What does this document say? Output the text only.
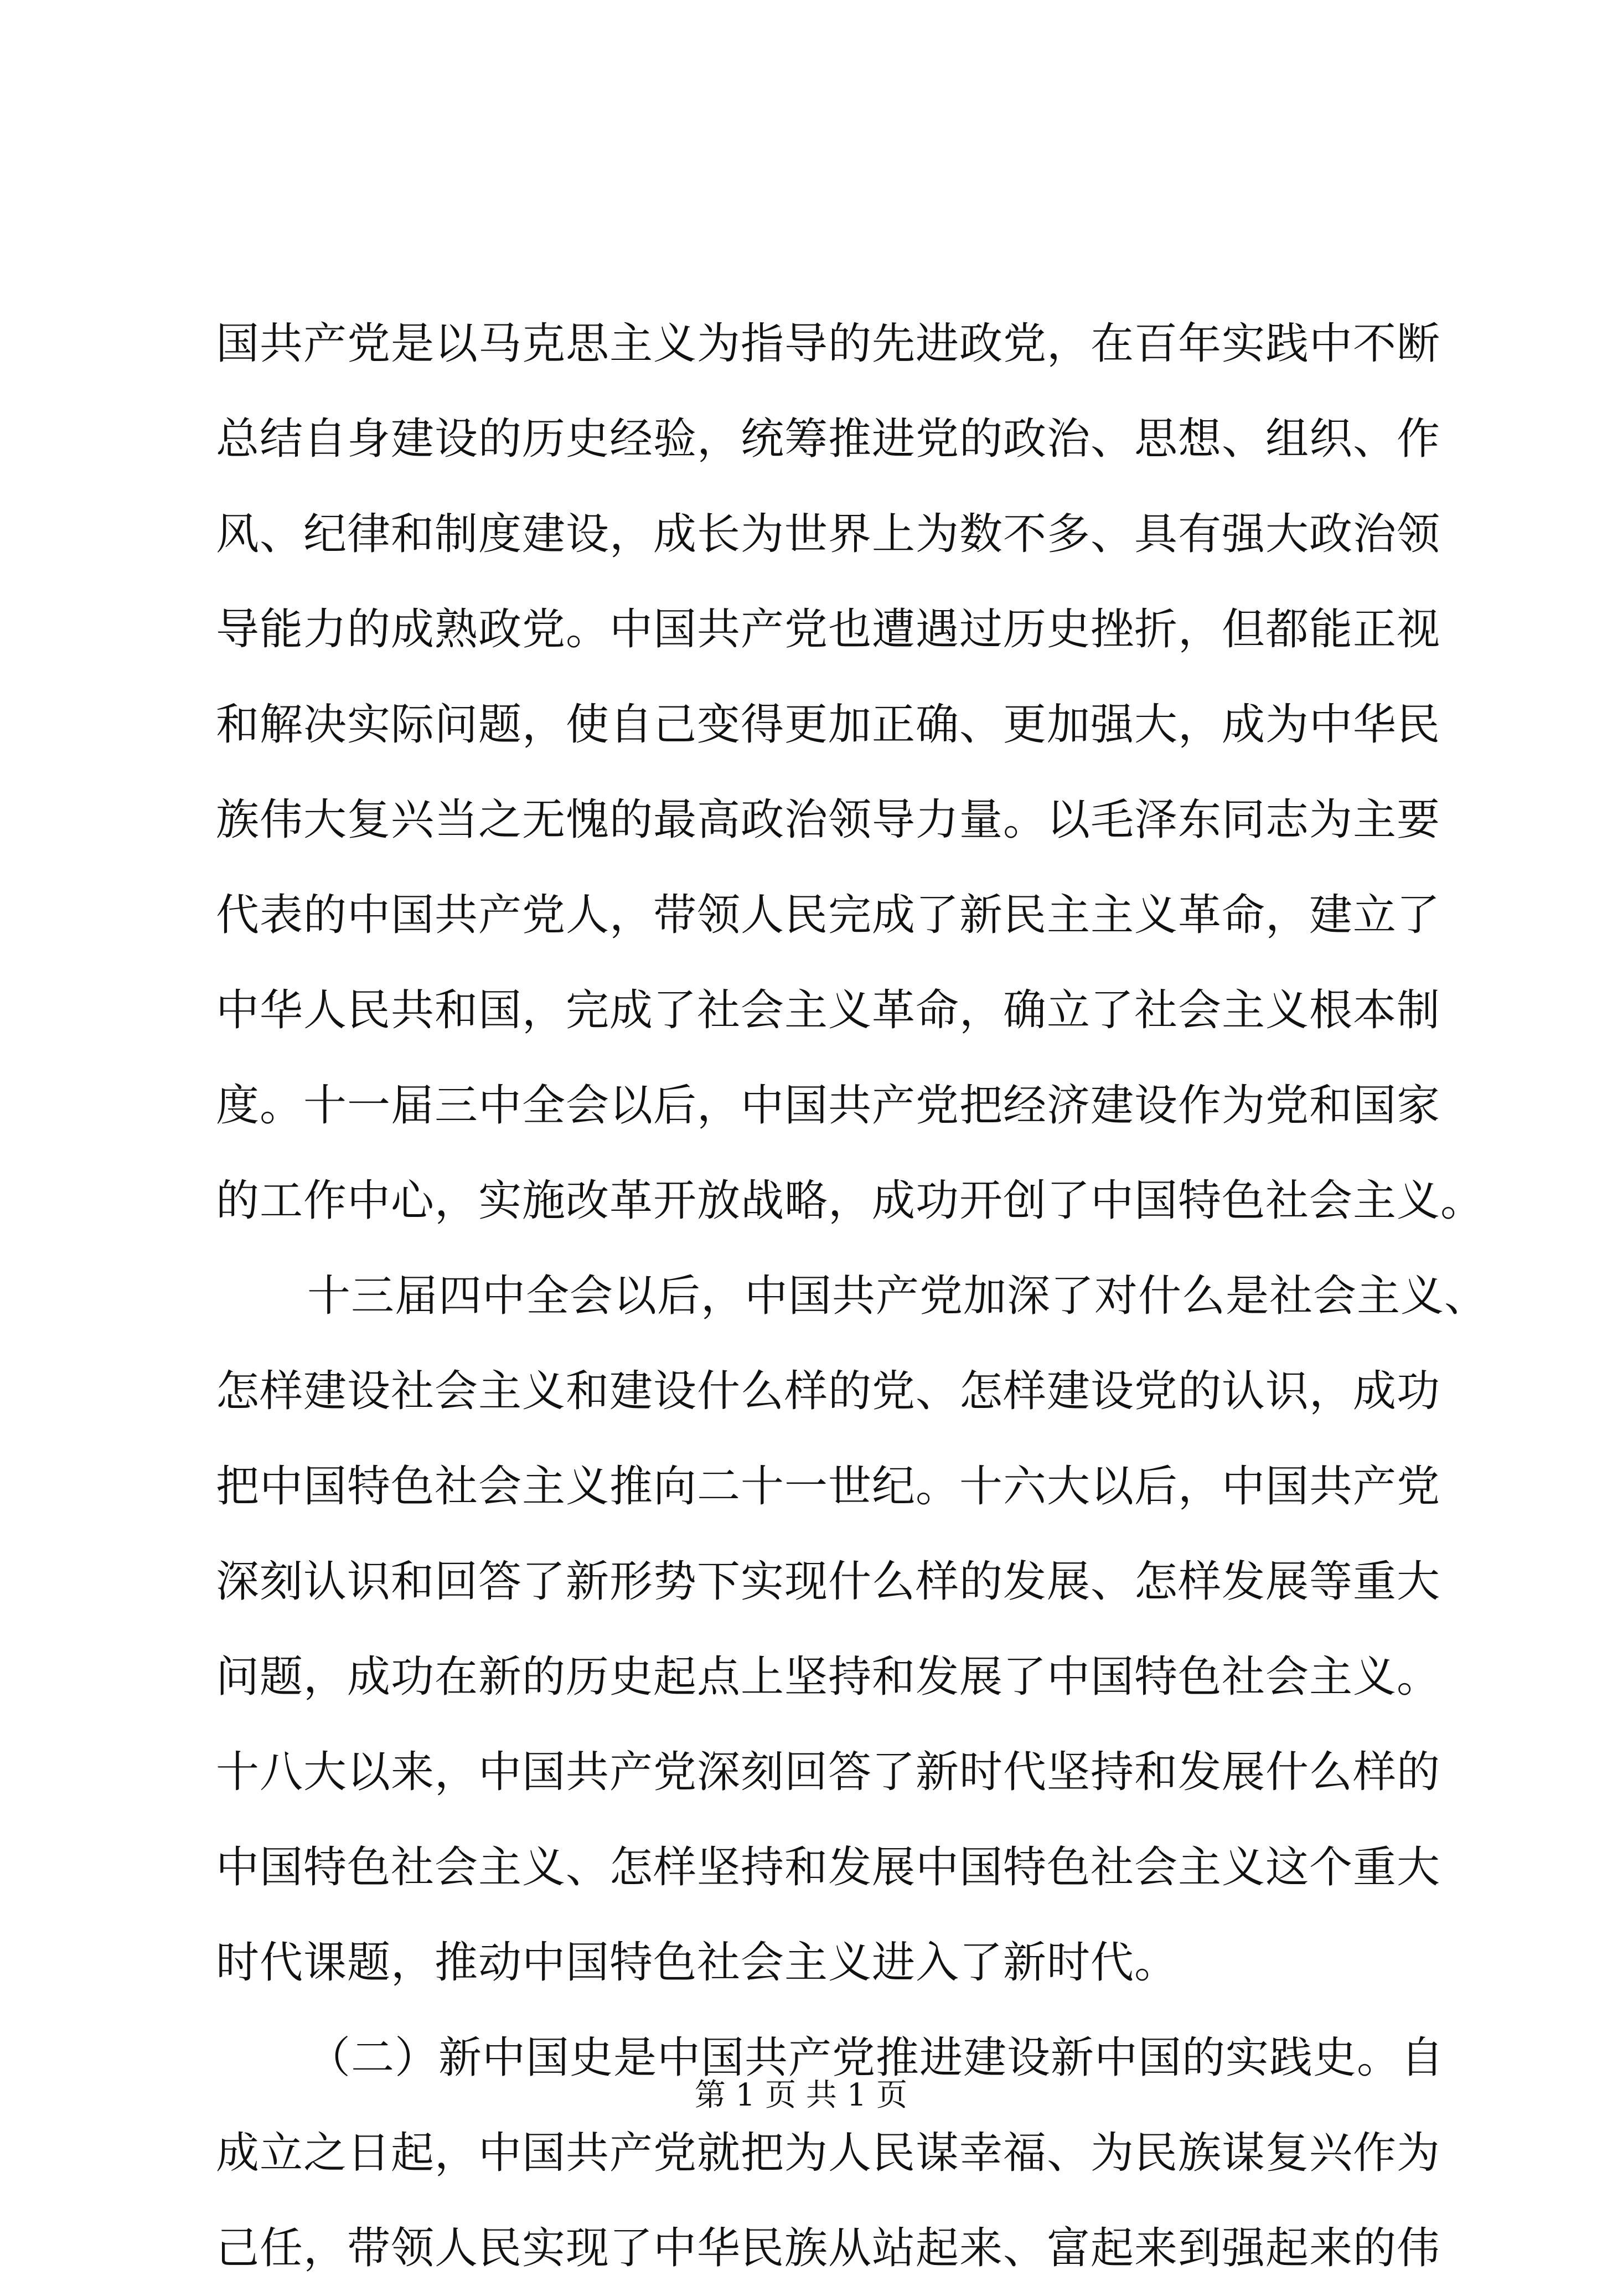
国共产党是以马克思主义为指导的先进政党，在百年实践中不断
总结自身建设的历史经验，统筹推进党的政治、思想、组织、作
风、纪律和制度建设，成长为世界上为数不多、具有强大政治领
导能力的成熟政党。中国共产党也遭遇过历史挫折，但都能正视
和解决实际问题，使自己变得更加正确、更加强大，成为中华民
族伟大复兴当之无愧的最高政治领导力量。以毛泽东同志为主要
代表的中国共产党人，带领人民完成了新民主主义革命，建立了
中华人民共和国，完成了社会主义革命，确立了社会主义根本制
度。十一届三中全会以后，中国共产党把经济建设作为党和国家
的工作中心，实施改革开放战略，成功开创了中国特色社会主义。
十三届四中全会以后，中国共产党加深了对什么是社会主义、
怎样建设社会主义和建设什么样的党、怎样建设党的认识，成功
把中国特色社会主义推向二十一世纪。十六大以后，中国共产党
深刻认识和回答了新形势下实现什么样的发展、怎样发展等重大
问题，成功在新的历史起点上坚持和发展了中国特色社会主义。
十八大以来，中国共产党深刻回答了新时代坚持和发展什么样的
中国特色社会主义、怎样坚持和发展中国特色社会主义这个重大
时代课题，推动中国特色社会主义进入了新时代。
（二）新中国史是中国共产党推进建设新中国的实践史。自
成立之日起，中国共产党就把为人民谋幸福、为民族谋复兴作为
己任，带领人民实现了中华民族从站起来、富起来到强起来的伟
第 1 页 共 1 页
